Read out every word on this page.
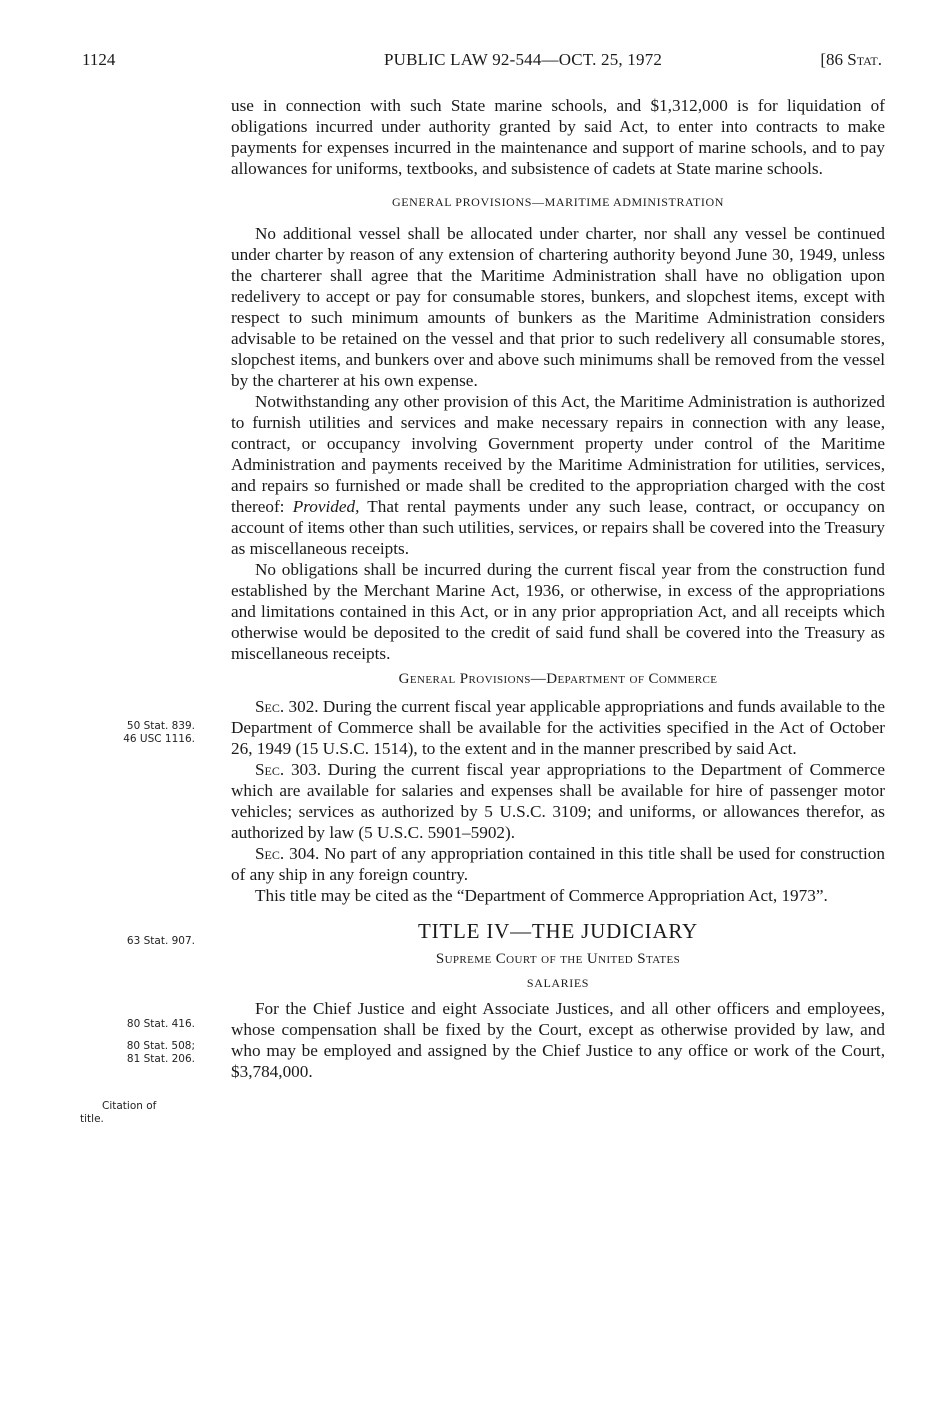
1124	PUBLIC LAW 92-544—OCT. 25, 1972	[86 Stat.

use in connection with such State marine schools, and $1,312,000 is for liquidation of obligations incurred under authority granted by said Act, to enter into contracts to make payments for expenses incurred in the maintenance and support of marine schools, and to pay allowances for uniforms, textbooks, and subsistence of cadets at State marine schools.

GENERAL PROVISIONS—MARITIME ADMINISTRATION

No additional vessel shall be allocated under charter, nor shall any vessel be continued under charter by reason of any extension of chartering authority beyond June 30, 1949, unless the charterer shall agree that the Maritime Administration shall have no obligation upon redelivery to accept or pay for consumable stores, bunkers, and slopchest items, except with respect to such minimum amounts of bunkers as the Maritime Administration considers advisable to be retained on the vessel and that prior to such redelivery all consumable stores, slopchest items, and bunkers over and above such minimums shall be removed from the vessel by the charterer at his own expense.

Notwithstanding any other provision of this Act, the Maritime Administration is authorized to furnish utilities and services and make necessary repairs in connection with any lease, contract, or occupancy involving Government property under control of the Maritime Administration and payments received by the Maritime Administration for utilities, services, and repairs so furnished or made shall be credited to the appropriation charged with the cost thereof: Provided, That rental payments under any such lease, contract, or occupancy on account of items other than such utilities, services, or repairs shall be covered into the Treasury as miscellaneous receipts.

No obligations shall be incurred during the current fiscal year from the construction fund established by the Merchant Marine Act, 1936, or otherwise, in excess of the appropriations and limitations contained in this Act, or in any prior appropriation Act, and all receipts which otherwise would be deposited to the credit of said fund shall be covered into the Treasury as miscellaneous receipts.

General Provisions—Department of Commerce

Sec. 302. During the current fiscal year applicable appropriations and funds available to the Department of Commerce shall be available for the activities specified in the Act of October 26, 1949 (15 U.S.C. 1514), to the extent and in the manner prescribed by said Act.

Sec. 303. During the current fiscal year appropriations to the Department of Commerce which are available for salaries and expenses shall be available for hire of passenger motor vehicles; services as authorized by 5 U.S.C. 3109; and uniforms, or allowances therefor, as authorized by law (5 U.S.C. 5901–5902).

Sec. 304. No part of any appropriation contained in this title shall be used for construction of any ship in any foreign country.

This title may be cited as the “Department of Commerce Appropriation Act, 1973”.

TITLE IV—THE JUDICIARY
Supreme Court of the United States
SALARIES

For the Chief Justice and eight Associate Justices, and all other officers and employees, whose compensation shall be fixed by the Court, except as otherwise provided by law, and who may be employed and assigned by the Chief Justice to any office or work of the Court, $3,784,000.

50 Stat. 839.
46 USC 1116.
63 Stat. 907.
80 Stat. 416.
80 Stat. 508;
81 Stat. 206.
Citation of
title.
